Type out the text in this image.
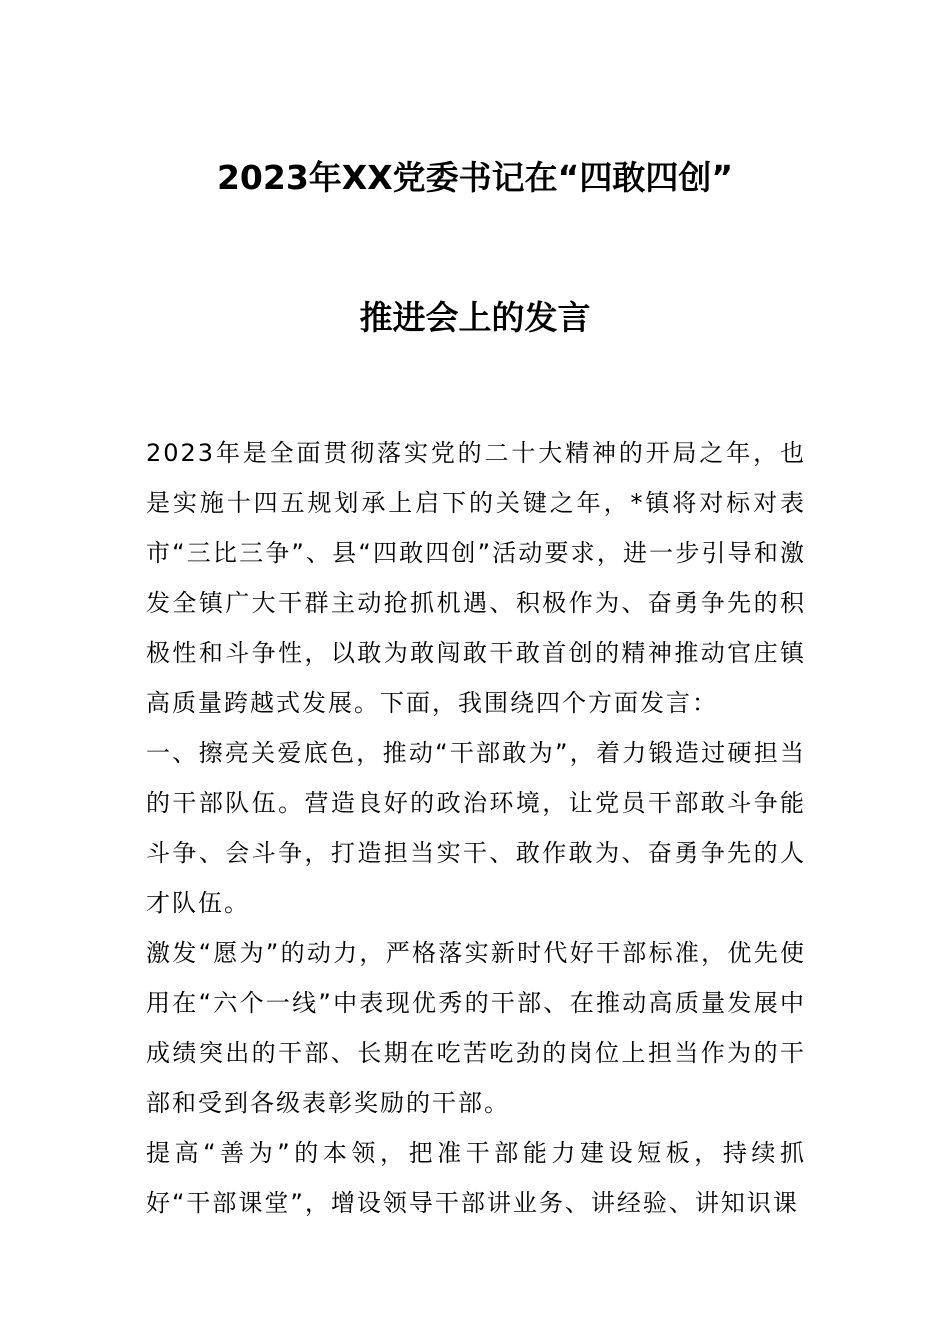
2023年XX党委书记在“四敢四创”
推进会上的发言

2023年是全面贯彻落实党的二十大精神的开局之年，也是实施十四五规划承上启下的关键之年，*镇将对标对表市“三比三争”、县“四敢四创”活动要求，进一步引导和激发全镇广大干群主动抢抓机遇、积极作为、奋勇争先的积极性和斗争性，以敢为敢闯敢干敢首创的精神推动官庄镇高质量跨越式发展。下面，我围绕四个方面发言：

一、擦亮关爱底色，推动“干部敢为”，着力锻造过硬担当的干部队伍。营造良好的政治环境，让党员干部敢斗争能斗争、会斗争，打造担当实干、敢作敢为、奋勇争先的人才队伍。

激发“愿为”的动力，严格落实新时代好干部标准，优先使用在“六个一线”中表现优秀的干部、在推动高质量发展中成绩突出的干部、长期在吃苦吃劲的岗位上担当作为的干部和受到各级表彰奖励的干部。

提高“善为”的本领，把准干部能力建设短板，持续抓好“干部课堂”，增设领导干部讲业务、讲经验、讲知识课
